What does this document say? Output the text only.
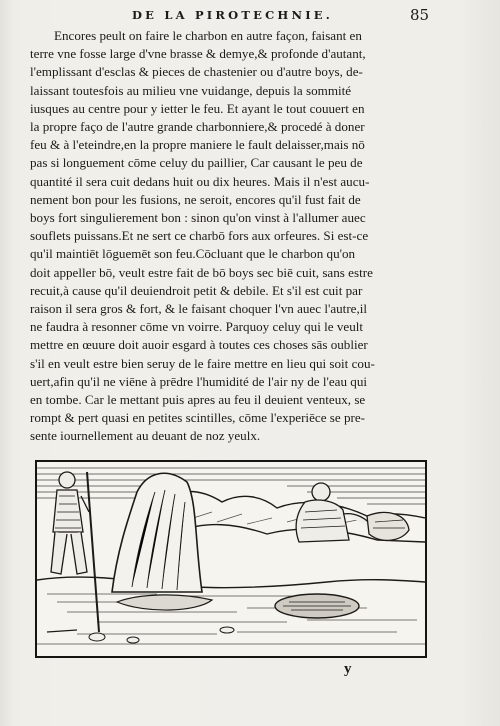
DE LA PIROTECHNIE.	85
Encores peult on faire le charbon en autre façon, faisant en
terre vne fosse large d'vne brasse & demye,& profonde d'autant,
l'emplissant d'esclas & pieces de chastenier ou d'autre boys, de-
laissant toutesfois au milieu vne vuidange, depuis la sommité
iusques au centre pour y ietter le feu. Et ayant le tout couuert en
la propre faço de l'autre grande charbonniere,& procedé à doner
feu & à l'eteindre,en la propre maniere le fault delaisser,mais nō
pas si longuement cōme celuy du paillier, Car causant le peu de
quantité il sera cuit dedans huit ou dix heures. Mais il n'est aucu-
nement bon pour les fusions, ne seroit, encores qu'il fust fait de
boys fort singulierement bon : sinon qu'on vinst à l'allumer auec
souflets puissans.Et ne sert ce charbō fors aux orfeures. Si est-ce
qu'il maintiēt lōguemēt son feu.Cōcluant que le charbon qu'on
doit appeller bō, veult estre fait de bō boys sec biē cuit, sans estre
recuit,à cause qu'il deuiendroit petit & debile. Et s'il est cuit par
raison il sera gros & fort, & le faisant choquer l'vn auec l'autre,il
ne faudra à resonner cōme vn voirre. Parquoy celuy qui le veult
mettre en œuure doit auoir esgard à toutes ces choses sās oublier
s'il en veult estre bien seruy de le faire mettre en lieu qui soit cou-
uert,afin qu'il ne viēne à prēdre l'humidité de l'air ny de l'eau qui
en tombe. Car le mettant puis apres au feu il deuient venteux, se
rompt & pert quasi en petites scintilles, cōme l'experiēce se pre-
sente iournellement au deuant de noz yeulx.
y
